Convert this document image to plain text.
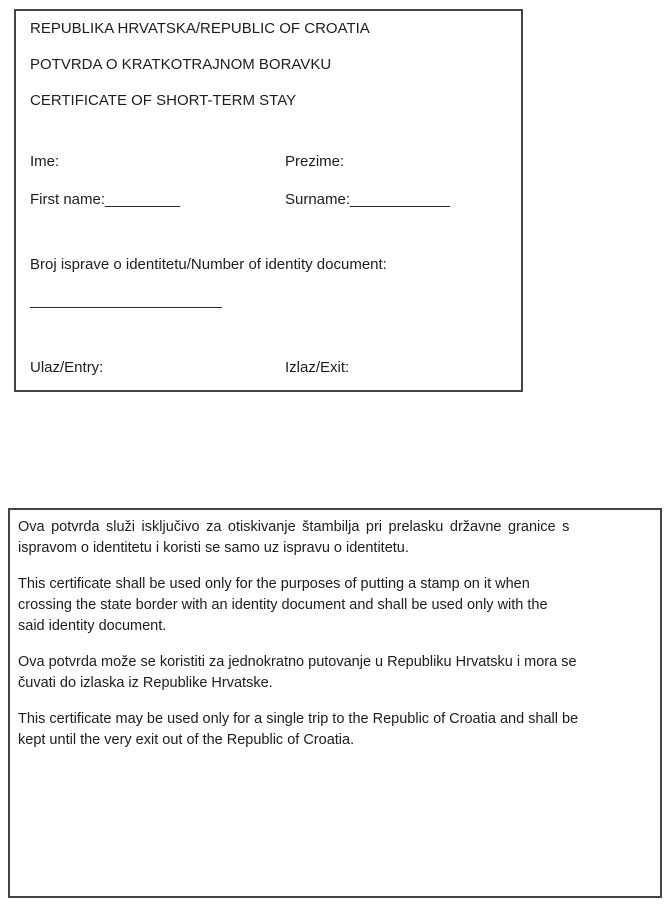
REPUBLIKA HRVATSKA/REPUBLIC OF CROATIA
POTVRDA O KRATKOTRAJNOM BORAVKU
CERTIFICATE OF SHORT-TERM STAY
Ime:	Prezime:
First name:_________	Surname:____________
Broj isprave o identitetu/Number of identity document:
_______________________
Ulaz/Entry:	Izlaz/Exit:
Ova potvrda služi isključivo za otiskivanje štambilja pri prelasku državne granice s
ispravom o identitetu i koristi se samo uz ispravu o identitetu.
This certificate shall be used only for the purposes of putting a stamp on it when
crossing the state border with an identity document and shall be used only with the
said identity document.
Ova potvrda može se koristiti za jednokratno putovanje u Republiku Hrvatsku i mora se
čuvati do izlaska iz Republike Hrvatske.
This certificate may be used only for a single trip to the Republic of Croatia and shall be
kept until the very exit out of the Republic of Croatia.
